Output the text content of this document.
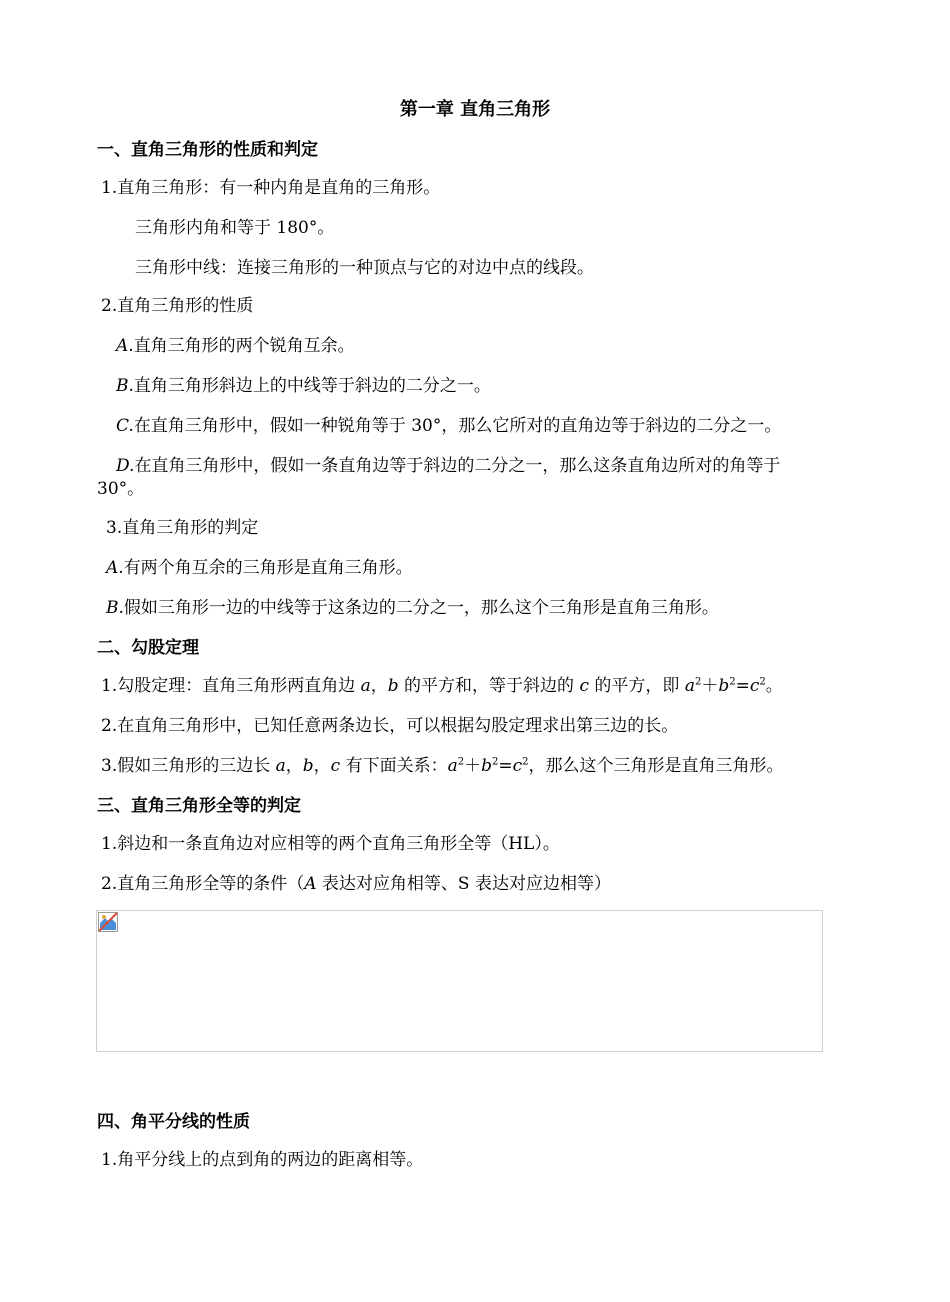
第一章 直角三角形
一、直角三角形的性质和判定
1.直角三角形：有一种内角是直角的三角形。
三角形内角和等于 180°。
三角形中线：连接三角形的一种顶点与它的对边中点的线段。
2.直角三角形的性质
A.直角三角形的两个锐角互余。
B.直角三角形斜边上的中线等于斜边的二分之一。
C.在直角三角形中，假如一种锐角等于 30°，那么它所对的直角边等于斜边的二分之一。
D.在直角三角形中，假如一条直角边等于斜边的二分之一，那么这条直角边所对的角等于
30°。
3.直角三角形的判定
A.有两个角互余的三角形是直角三角形。
B.假如三角形一边的中线等于这条边的二分之一，那么这个三角形是直角三角形。
二、勾股定理
1.勾股定理：直角三角形两直角边 a，b 的平方和，等于斜边的 c 的平方，即 $a^2+b^2=c^2$。
2.在直角三角形中，已知任意两条边长，可以根据勾股定理求出第三边的长。
3.假如三角形的三边长 a，b，c 有下面关系：$a^2+b^2=c^2$，那么这个三角形是直角三角形。
三、直角三角形全等的判定
1.斜边和一条直角边对应相等的两个直角三角形全等（HL）。
2.直角三角形全等的条件（A 表达对应角相等、S 表达对应边相等）
四、角平分线的性质
1.角平分线上的点到角的两边的距离相等。
